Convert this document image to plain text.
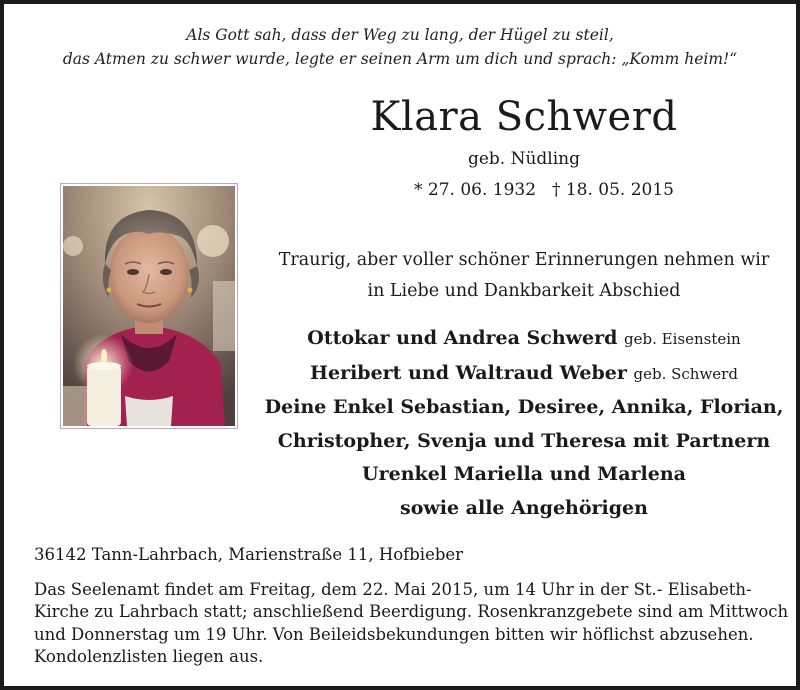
Als Gott sah, dass der Weg zu lang, der Hügel zu steil,
das Atmen zu schwer wurde, legte er seinen Arm um dich und sprach: „Komm heim!“
Klara Schwerd
geb. Nüdling
* 27. 06. 1932 † 18. 05. 2015
Traurig, aber voller schöner Erinnerungen nehmen wir
in Liebe und Dankbarkeit Abschied
Ottokar und Andrea Schwerd geb. Eisenstein
Heribert und Waltraud Weber geb. Schwerd
Deine Enkel Sebastian, Desiree, Annika, Florian,
Christopher, Svenja und Theresa mit Partnern
Urenkel Mariella und Marlena
sowie alle Angehörigen
36142 Tann-Lahrbach, Marienstraße 11, Hofbieber
Das Seelenamt findet am Freitag, dem 22. Mai 2015, um 14 Uhr in der St.- Elisabeth-
Kirche zu Lahrbach statt; anschließend Beerdigung. Rosenkranzgebete sind am Mittwoch
und Donnerstag um 19 Uhr. Von Beileidsbekundungen bitten wir höflichst abzusehen.
Kondolenzlisten liegen aus.
